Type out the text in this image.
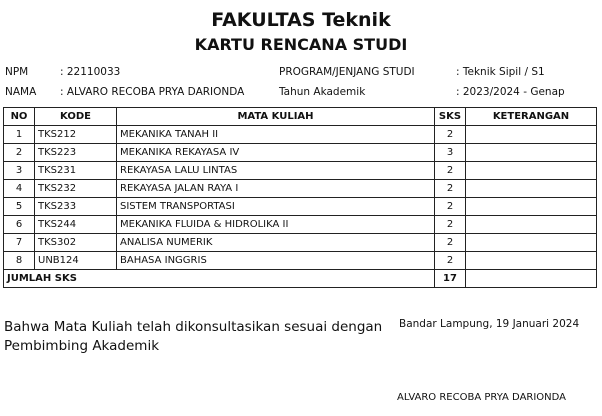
FAKULTAS Teknik
KARTU RENCANA STUDI
NPM	: 22110033
NAMA : ALVARO RECOBA PRYA DARIONDA
PROGRAM/JENJANG STUDI	: Teknik Sipil / S1
Tahun Akademik	: 2023/2024 - Genap
NO	KODE	MATA KULIAH	SKS	KETERANGAN
1	TKS212	MEKANIKA TANAH II	2	
2	TKS223	MEKANIKA REKAYASA IV	3	
3	TKS231	REKAYASA LALU LINTAS	2	
4	TKS232	REKAYASA JALAN RAYA I	2	
5	TKS233	SISTEM TRANSPORTASI	2	
6	TKS244	MEKANIKA FLUIDA & HIDROLIKA II	2	
7	TKS302	ANALISA NUMERIK	2	
8	UNB124	BAHASA INGGRIS	2	
JUMLAH SKS			17	
Bahwa Mata Kuliah telah dikonsultasikan sesuai dengan Pembimbing Akademik
Bandar Lampung, 19 Januari 2024
ALVARO RECOBA PRYA DARIONDA
